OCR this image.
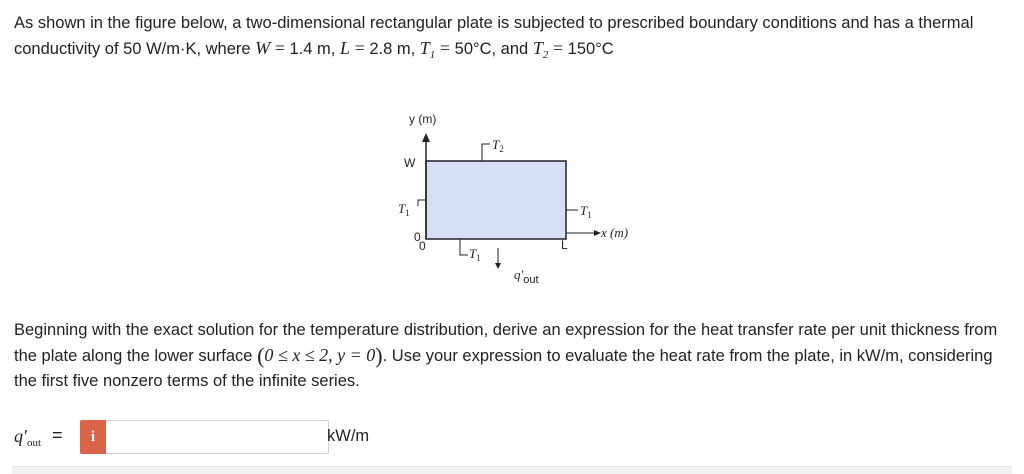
As shown in the figure below, a two-dimensional rectangular plate is subjected to prescribed boundary conditions and has a thermal conductivity of 50 W/m·K, where W = 1.4 m, L = 2.8 m, $T_1 = 50^\circ C$, and $T_2 = 150^\circ C$

y (m)
x (m)
W
L
0
0
$T_2$
$T_1$	$T_1$
$T_1$
$q'_{out}$

Beginning with the exact solution for the temperature distribution, derive an expression for the heat transfer rate per unit thickness from the plate along the lower surface (0 ≤ x ≤ 2, y = 0). Use your expression to evaluate the heat rate from the plate, in kW/m, considering the first five nonzero terms of the infinite series.

$q'_{out} = i$	kW/m
